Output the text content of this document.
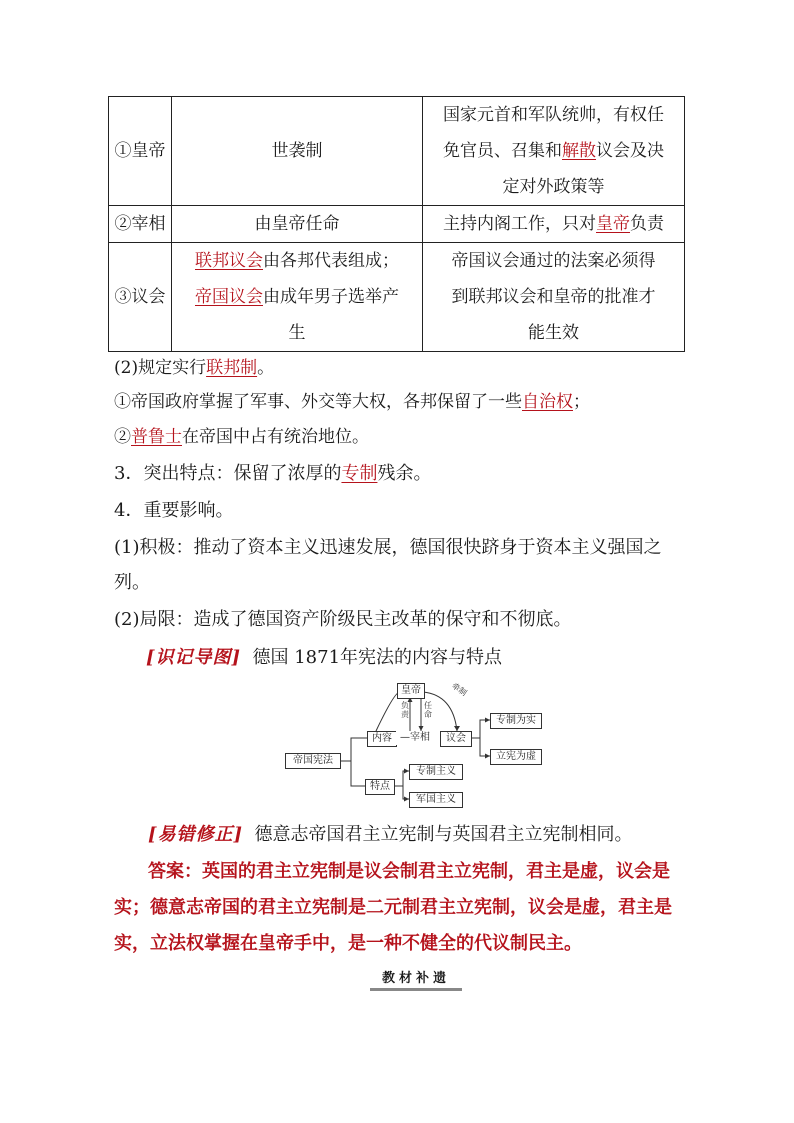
①皇帝	世袭制	国家元首和军队统帅，有权任
免官员、召集和解散议会及决
定对外政策等
②宰相	由皇帝任命	主持内阁工作，只对皇帝负责
③议会	联邦议会由各邦代表组成；
帝国议会由成年男子选举产
生	帝国议会通过的法案必须得
到联邦议会和皇帝的批准才
能生效
(2)规定实行联邦制。
①帝国政府掌握了军事、外交等大权，各邦保留了一些自治权；
②普鲁士在帝国中占有统治地位。
3．突出特点：保留了浓厚的专制残余。
4．重要影响。
(1)积极：推动了资本主义迅速发展，德国很快跻身于资本主义强国之列。
(2)局限：造成了德国资产阶级民主改革的保守和不彻底。
[识记导图] 德国 1871年宪法的内容与特点
帝国宪法
皇帝
内容 —宰相	议会
特点
专制为实
立宪为虚
专制主义
军国主义
负责
任命
牵制
[易错修正] 德意志帝国君主立宪制与英国君主立宪制相同。
答案：英国的君主立宪制是议会制君主立宪制，君主是虚，议会是实；德意志帝国的君主立宪制是二元制君主立宪制，议会是虚，君主是实，立法权掌握在皇帝手中，是一种不健全的代议制民主。
教材补遗
